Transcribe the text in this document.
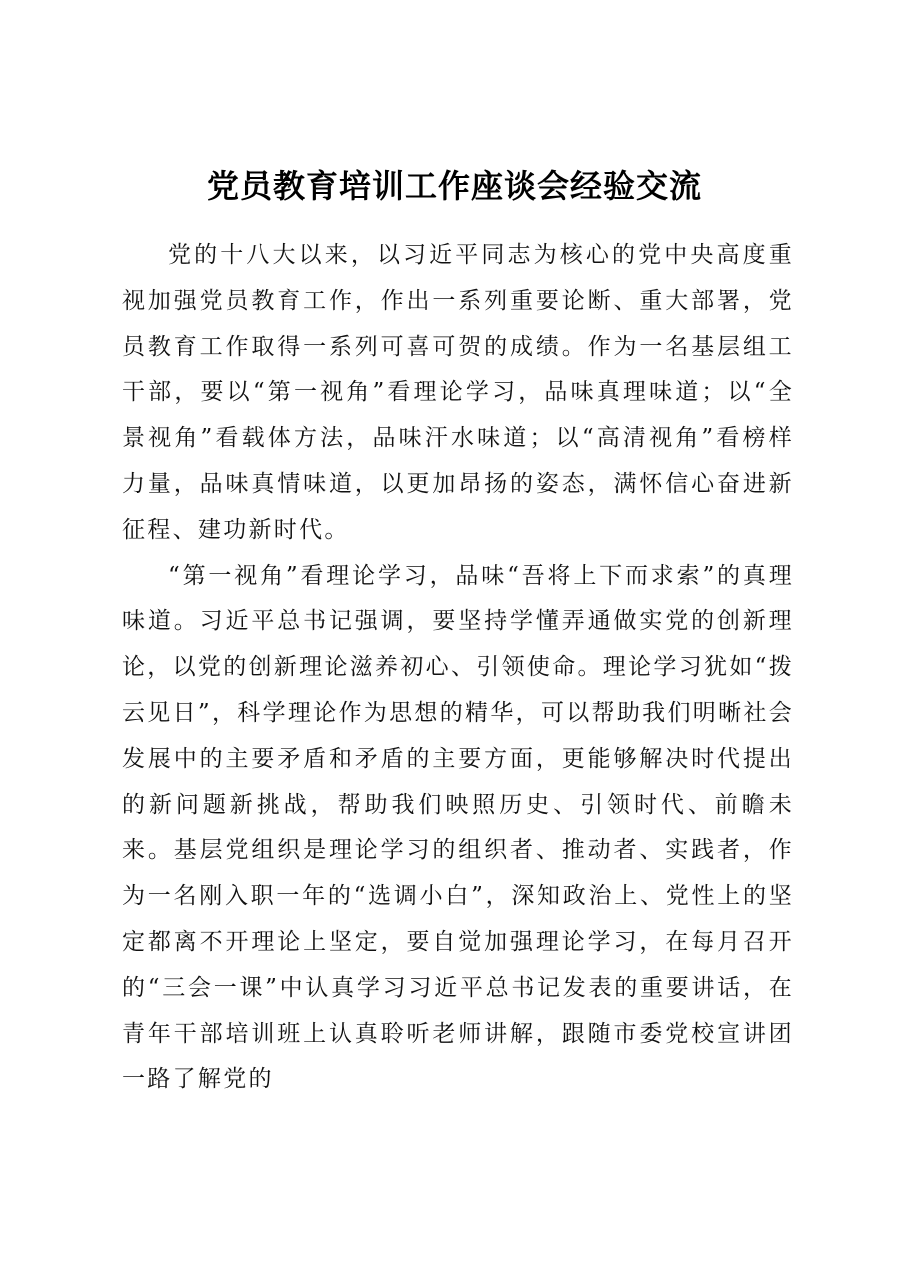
党员教育培训工作座谈会经验交流

党的十八大以来，以习近平同志为核心的党中央高度重视加强党员教育工作，作出一系列重要论断、重大部署，党员教育工作取得一系列可喜可贺的成绩。作为一名基层组工干部，要以“第一视角”看理论学习，品味真理味道；以“全景视角”看载体方法，品味汗水味道；以“高清视角”看榜样力量，品味真情味道，以更加昂扬的姿态，满怀信心奋进新征程、建功新时代。

“第一视角”看理论学习，品味“吾将上下而求索”的真理味道。习近平总书记强调，要坚持学懂弄通做实党的创新理论，以党的创新理论滋养初心、引领使命。理论学习犹如“拨云见日”，科学理论作为思想的精华，可以帮助我们明晰社会发展中的主要矛盾和矛盾的主要方面，更能够解决时代提出的新问题新挑战，帮助我们映照历史、引领时代、前瞻未来。基层党组织是理论学习的组织者、推动者、实践者，作为一名刚入职一年的“选调小白”，深知政治上、党性上的坚定都离不开理论上坚定，要自觉加强理论学习，在每月召开的“三会一课”中认真学习习近平总书记发表的重要讲话，在青年干部培训班上认真聆听老师讲解，跟随市委党校宣讲团一路了解党的
